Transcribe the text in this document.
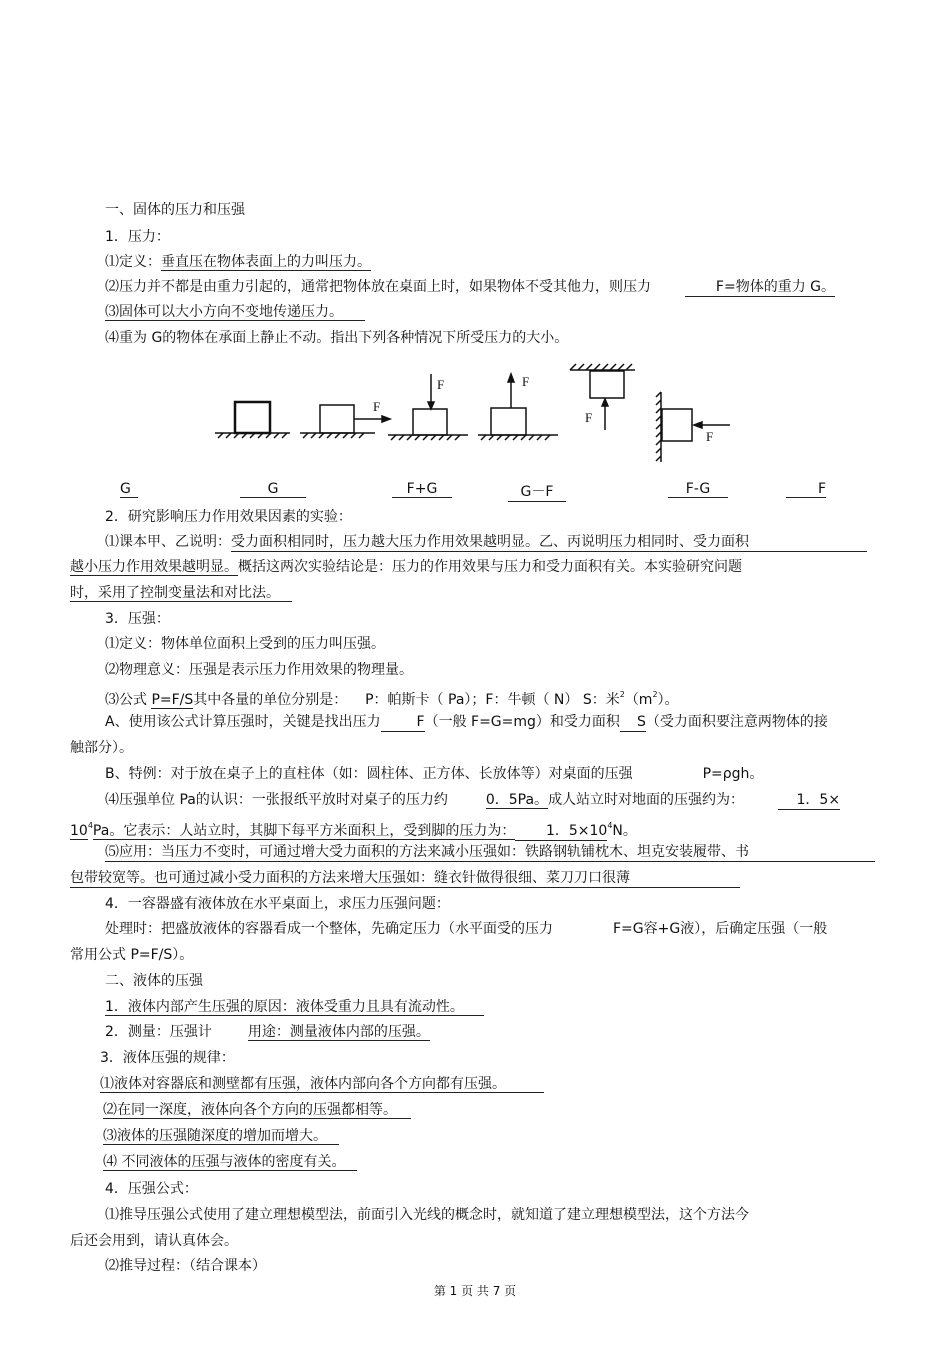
一、固体的压力和压强
1．压力：
⑴定义：垂直压在物体表面上的力叫压力。
⑵压力并不都是由重力引起的，通常把物体放在桌面上时，如果物体不受其他力，则压力	F=物体的重力 G。
⑶固体可以大小方向不变地传递压力。
⑷重为 G的物体在承面上静止不动。指出下列各种情况下所受压力的大小。
F
F	F
F
F
G	G	F+G	G－F	F-G	F
2．研究影响压力作用效果因素的实验：
⑴课本甲、乙说明：受力面积相同时，压力越大压力作用效果越明显。乙、丙说明压力相同时、受力面积
越小压力作用效果越明显。概括这两次实验结论是：压力的作用效果与压力和受力面积有关。本实验研究问题
时，采用了控制变量法和对比法。
3．压强：
⑴定义：物体单位面积上受到的压力叫压强。
⑵物理意义：压强是表示压力作用效果的物理量。
⑶公式 P=F/S其中各量的单位分别是： P：帕斯卡（ Pa）；F：牛顿（ N） S：米$^2(m^2)$。
A、使用该公式计算压强时，关键是找出压力	F（一般 F=G=mg）和受力面积 S（受力面积要注意两物体的接
触部分）。
B、特例：对于放在桌子上的直柱体（如：圆柱体、正方体、长放体等）对桌面的压强	P=ρgh。
⑷压强单位 Pa的认识：一张报纸平放时对桌子的压力约	0．5Pa。成人站立时对地面的压强约为：	1．5×
$10^4Pa$。它表示：人站立时，其脚下每平方米面积上，受到脚的压力为： 1．$5\times 10^4N$。
⑸应用：当压力不变时，可通过增大受力面积的方法来减小压强如：铁路钢轨铺枕木、坦克安装履带、书
包带较宽等。也可通过减小受力面积的方法来增大压强如：缝衣针做得很细、菜刀刀口很薄
4．一容器盛有液体放在水平桌面上，求压力压强问题：
处理时：把盛放液体的容器看成一个整体，先确定压力（水平面受的压力	F=G容+G液），后确定压强（一般
常用公式 P=F/S）。
二、液体的压强
1．液体内部产生压强的原因：液体受重力且具有流动性。
2．测量：压强计	用途：测量液体内部的压强。
3．液体压强的规律：
⑴液体对容器底和测壁都有压强，液体内部向各个方向都有压强。
⑵在同一深度，液体向各个方向的压强都相等。
⑶液体的压强随深度的增加而增大。
⑷ 不同液体的压强与液体的密度有关。
4．压强公式：
⑴推导压强公式使用了建立理想模型法，前面引入光线的概念时，就知道了建立理想模型法，这个方法今
后还会用到，请认真体会。
⑵推导过程：（结合课本）
第 1 页 共 7 页
